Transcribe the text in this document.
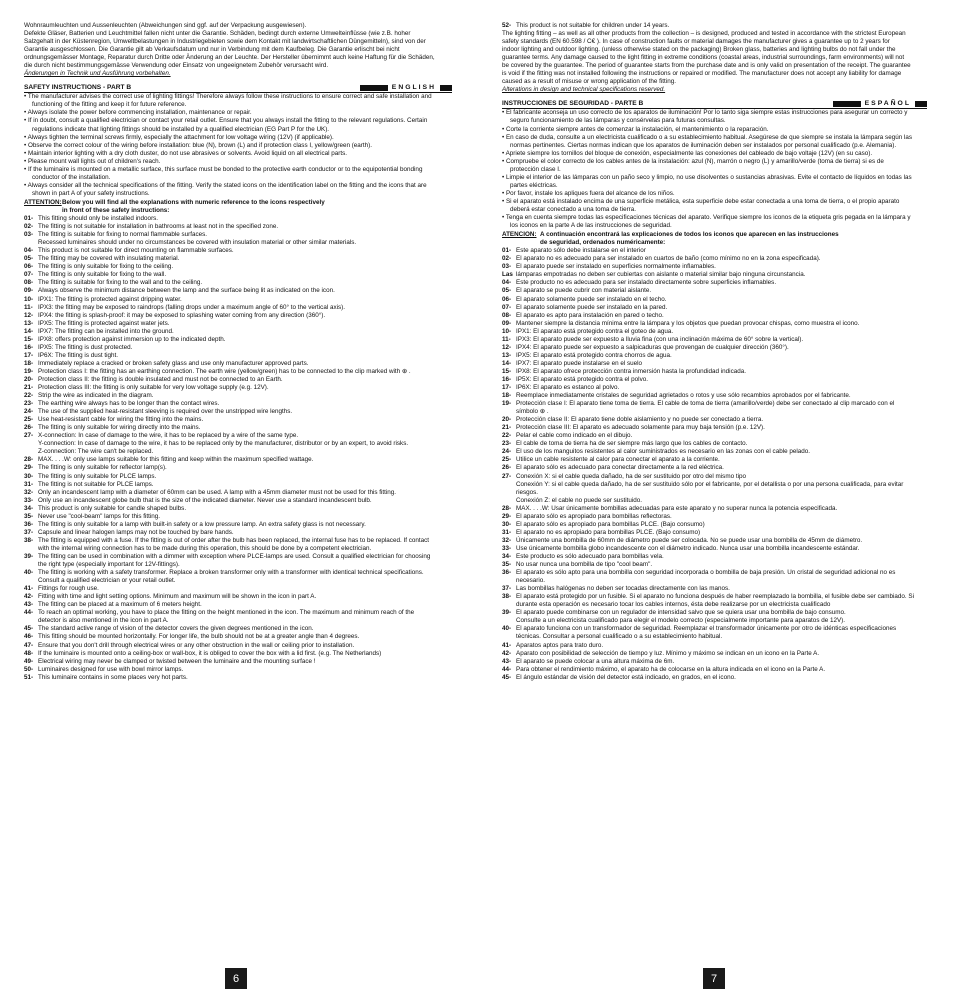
Wohnraumleuchten und Aussenleuchten (Abweichungen sind ggf. auf der Verpackung ausgewiesen).

Defekte Gläser, Batterien und Leuchtmittel fallen nicht unter die Garantie. Schäden, bedingt durch externe Umwelteinflüsse (wie z.B. hoher

Salzgehalt in der Küstenregion, Umweltbelastungen in Industriegebieten sowie dem Kontakt mit landwirtschaftlichen Düngemitteln), sind von der

Garantie ausgeschlossen. Die Garantie gilt ab Verkaufsdatum und nur in Verbindung mit dem Kaufbeleg. Die Garantie erlischt bei nicht

ordnungsgemässer Montage, Reparatur durch Dritte oder Änderung an der Leuchte. Der Hersteller übernimmt auch keine Haftung für die Schäden,

die durch nicht bestimmungsgemässe Verwendung oder Einsatz von ungeeignetem Zubehör verursacht wird.

Änderungen in Technik und Ausführung vorbehalten.

SAFETY INSTRUCTIONS - PART B	ENGLISH

• The manufacturer advises the correct use of lighting fittings! Therefore always follow these instructions to ensure correct and safe installation and

functioning of the fitting and keep it for future reference.

• Always isolate the power before commencing installation, maintenance or repair.

• If in doubt, consult a qualified electrician or contact your retail outlet. Ensure that you always install the fitting to the relevant regulations. Certain

regulations indicate that lighting fittings should be installed by a qualified electrician (EG Part P for the UK).

• Always tighten the terminal screws firmly, especially the attachment for low voltage wiring (12V) (if applicable).

• Observe the correct colour of the wiring before installation: blue (N), brown (L) and if protection class I, yellow/green (earth).

• Maintain interior lighting with a dry cloth duster, do not use abrasives or solvents. Avoid liquid on all electrical parts.

• Please mount wall lights out of children's reach.

• If the luminaire is mounted on a metallic surface, this surface must be bonded to the protective earth conductor or to the equipotential bonding

conductor of the installation.

• Always consider all the technical specifications of the fitting. Verify the stated icons on the identification label on the fitting and the icons that are

shown in part A of your safety instructions.

ATTENTION: Below you will find all the explanations with numeric reference to the icons respectively
in front of these safety instructions:
01- This fitting should only be installed indoors.
02- The fitting is not suitable for installation in bathrooms at least not in the specified zone.
03- The fitting is suitable for fixing to normal flammable surfaces.
Recessed luminaires should under no circumstances be covered with insulation material or other similar materials.
04- This product is not suitable for direct mounting on flammable surfaces.
05- The fitting may be covered with insulating material.
06- The fitting is only suitable for fixing to the ceiling.
07- The fitting is only suitable for fixing to the wall.
08- The fitting is suitable for fixing to the wall and to the ceiling.
09- Always observe the minimum distance between the lamp and the surface being lit as indicated on the icon.
10- IPX1: The fitting is protected against dripping water.
11- IPX3: the fitting may be exposed to raindrops (falling drops under a maximum angle of 60° to the vertical axis).
12- IPX4: the fitting is splash-proof: it may be exposed to splashing water coming from any direction (360°).
13- IPX5: The fitting is protected against water jets.
14- IPX7: The fitting can be installed into the ground.
15- IPX8: offers protection against immersion up to the indicated depth.
16- IPX5: The fitting is dust protected.
17- IP6X: The fitting is dust tight.
18- Immediately replace a cracked or broken safety glass and use only manufacturer approved parts.
19- Protection class I: the fitting has an earthing connection. The earth wire (yellow/green) has to be connected to the clip marked with ⊕ .
20- Protection class II: the fitting is double insulated and must not be connected to an Earth.
21- Protection class III: the fitting is only suitable for very low voltage supply (e.g. 12V).
22- Strip the wire as indicated in the diagram.
23- The earthing wire always has to be longer than the contact wires.
24- The use of the supplied heat-resistant sleeving is required over the unstripped wire lengths.
25- Use heat-resistant cable for wiring the fitting into the mains.
26- The fitting is only suitable for wiring directly into the mains.
27- X-connection: In case of damage to the wire, it has to be replaced by a wire of the same type.
Y-connection: In case of damage to the wire, it has to be replaced only by the manufacturer, distributor or by an expert, to avoid risks.
Z-connection: The wire can't be replaced.
28- MAX. . . .W: only use lamps suitable for this fitting and keep within the maximum specified wattage.
29- The fitting is only suitable for reflector lamp(s).
30- The fitting is only suitable for PLCE lamps.
31- The fitting is not suitable for PLCE lamps.
32- Only an incandescent lamp with a diameter of 60mm can be used. A lamp with a 45mm diameter must not be used for this fitting.
33- Only use an incandescent globe bulb that is the size of the indicated diameter. Never use a standard incandescent bulb.
34- This product is only suitable for candle shaped bulbs.
35- Never use "cool-beam" lamps for this fitting.
36- The fitting is only suitable for a lamp with built-in safety or a low pressure lamp. An extra safety glass is not necessary.
37- Capsule and linear halogen lamps may not be touched by bare hands.
38- The fitting is equipped with a fuse. If the fitting is out of order after the bulb has been replaced, the internal fuse has to be replaced. If contact
with the internal wiring connection has to be made during this operation, this should be done by a competent electrician.
39- The fitting can be used in combination with a dimmer with exception where PLCE-lamps are used. Consult a qualified electrician for choosing
the right type (especially important for 12V-fittings).
40- The fitting is working with a safety transformer. Replace a broken transformer only with a transformer with identical technical specifications.
Consult a qualified electrician or your retail outlet.
41- Fittings for rough use.
42- Fitting with time and light setting options. Minimum and maximum will be shown in the icon in part A.
43- The fitting can be placed at a maximum of 6 meters height.
44- To reach an optimal working, you have to place the fitting on the height mentioned in the icon. The maximum and minimum reach of the
detector is also mentioned in the icon in part A.
45- The standard active range of vision of the detector covers the given degrees mentioned in the icon.
46- This fitting should be mounted horizontally. For longer life, the bulb should not be at a greater angle than 4 degrees.
47- Ensure that you don't drill through electrical wires or any other obstruction in the wall or ceiling prior to installation.
48- If the luminaire is mounted onto a ceiling-box or wall-box, it is obliged to cover the box with a lid first. (e.g. The Netherlands)
49- Electrical wiring may never be clamped or twisted between the luminaire and the mounting surface !
50- Luminaires designed for use with bowl mirror lamps.
51- This luminaire contains in some places very hot parts.
52- This product is not suitable for children under 14 years.

The lighting fitting – as well as all other products from the collection – is designed, produced and tested in accordance with the strictest European

safety standards (EN 60.598 / C€ ). In case of construction faults or material damages the manufacturer gives a guarantee up to 2 years for

indoor lighting and outdoor lighting. (unless otherwise stated on the packaging) Broken glass, batteries and lighting bulbs do not fall under the

guarantee terms. Any damage caused to the light fitting in extreme conditions (coastal areas, industrial surroundings, farm environments) will not

be covered by the guarantee. The period of guarantee starts from the purchase date and is only valid on presentation of the receipt. The guarantee

is void if the fitting was not installed following the instructions or repaired or modified. The manufacturer does not accept any liability for damage

caused as a result of misuse or wrong application of the fitting.

Alterations in design and technical specifications reserved.

INSTRUCCIONES DE SEGURIDAD - PARTE B	ESPAÑOL

• El fabricante aconseja un uso correcto de los aparatos de iluminación! Por lo tanto siga siempre estas instrucciones para asegurar un correcto y

seguro funcionamiento de las lámparas y consérvelas para futuras consultas.

• Corte la corriente siempre antes de comenzar la instalación, el mantenimiento o la reparación.

• En caso de duda, consulte a un electricista cualificado o a su establecimiento habitual. Asegúrese de que siempre se instala la lámpara según las

normas pertinentes. Ciertas normas indican que los aparatos de iluminación deben ser instalados por personal cualificado (p.e. Alemania).

• Apriete siempre los tornillos del bloque de conexión, especialmente las conexiones del cableado de bajo voltaje (12V) (en su caso).

• Compruebe el color correcto de los cables antes de la instalación: azul (N), marrón o negro (L) y amarillo/verde (toma de tierra) si es de

protección clase I.

• Limpie el interior de las lámparas con un paño seco y limpio, no use disolventes o sustancias abrasivas. Evite el contacto de líquidos en todas las

partes eléctricas.

• Por favor, instale los apliques fuera del alcance de los niños.

• Si el aparato está instalado encima de una superficie metálica, esta superficie debe estar conectada a una toma de tierra, o el propio aparato

deberá estar conectado a una toma de tierra.

• Tenga en cuenta siempre todas las especificaciones técnicas del aparato. Verifique siempre los iconos de la etiqueta gris pegada en la lámpara y

los iconos en la parte A de las instrucciones de seguridad.

ATENCION: A continuación encontrará las explicaciones de todos los iconos que aparecen en las instrucciones
de seguridad, ordenados numéricamente:
01- Este aparato sólo debe instalarse en el interior
02- El aparato no es adecuado para ser instalado en cuartos de baño (como mínimo no en la zona especificada).
03- El aparato puede ser instalado en superficies normalmente inflamables.
Las lámparas empotradas no deben ser cubiertas con aislante o material similar bajo ninguna circunstancia.
04- Este producto no es adecuado para ser instalado directamente sobre superficies inflamables.
05- El aparato se puede cubrir con material aislante.
06- El aparato solamente puede ser instalado en el techo.
07- El aparato solamente puede ser instalado en la pared.
08- El aparato es apto para instalación en pared o techo.
09- Mantener siempre la distancia mínima entre la lámpara y los objetos que puedan provocar chispas, como muestra el icono.
10- IPX1: El aparato está protegido contra el goteo de agua.
11- IPX3: El aparato puede ser expuesto a lluvia fina (con una inclinación máxima de 60° sobre la vertical).
12- IPX4: El aparato puede ser expuesto a salpicaduras que provengan de cualquier dirección (360°).
13- IPX5: El aparato está protegido contra chorros de agua.
14- IPX7: El aparato puede instalarse en el suelo
15- IPX8: El aparato ofrece protección contra inmersión hasta la profundidad indicada.
16- IP5X: El aparato está protegido contra el polvo.
17- IP6X: El aparato es estanco al polvo.
18- Reemplace inmediatamente cristales de seguridad agrietados o rotos y use sólo recambios aprobados por el fabricante.
19- Protección clase I: El aparato tiene toma de tierra. El cable de toma de tierra (amarillo/verde) debe ser conectado al clip marcado con el
símbolo ⊕ .
20- Protección clase II: El aparato tiene doble aislamiento y no puede ser conectado a tierra.
21- Protección clase III: El aparato es adecuado solamente para muy baja tensión (p.e. 12V).
22- Pelar el cable como indicado en el dibujo.
23- El cable de toma de tierra ha de ser siempre más largo que los cables de contacto.
24- El uso de los manguitos resistentes al calor suministrados es necesario en las zonas con el cable pelado.
25- Utilice un cable resistente al calor para conectar el aparato a la corriente.
26- El aparato sólo es adecuado para conectar directamente a la red eléctrica.
27- Conexión X: si el cable queda dañado, ha de ser sustituido por otro del mismo tipo
Conexión Y: si el cable queda dañado, ha de ser sustituido sólo por el fabricante, por el detallista o por una persona cualificada, para evitar
riesgos.
Conexión Z: el cable no puede ser sustituido.
28- MAX. . . .W: Usar únicamente bombillas adecuadas para este aparato y no superar nunca la potencia especificada.
29- El aparato sólo es apropiado para bombillas reflectoras.
30- El aparato sólo es apropiado para bombillas PLCE. (Bajo consumo)
31- El aparato no es apropiado para bombillas PLCE. (Bajo consumo)
32- Únicamente una bombilla de 60mm de diámetro puede ser colocada. No se puede usar una bombilla de 45mm de diámetro.
33- Use únicamente bombilla globo incandescente con el diámetro indicado. Nunca usar una bombilla incandescente estándar.
34- Este producto es sólo adecuado para bombillas vela.
35- No usar nunca una bombilla de tipo "cool beam".
36- El aparato es sólo apto para una bombilla con seguridad incorporada o bombilla de baja presión. Un cristal de seguridad adicional no es
necesario.
37- Las bombillas halógenas no deben ser tocadas directamente con las manos.
38- El aparato está protegido por un fusible. Si el aparato no funciona después de haber reemplazado la bombilla, el fusible debe ser cambiado. Si
durante esta operación es necesario tocar los cables internos, ésta debe realizarse por un electricista cualificado
39- El aparato puede combinarse con un regulador de intensidad salvo que se quiera usar una bombilla de bajo consumo.
Consulte a un electricista cualificado para elegir el modelo correcto (especialmente importante para aparatos de 12V).
40- El aparato funciona con un transformador de seguridad. Reemplazar el transformador únicamente por otro de idénticas especificaciones
técnicas. Consultar a personal cualificado o a su establecimiento habitual.
41- Aparatos aptos para trato duro.
42- Aparato con posibilidad de selección de tiempo y luz. Mínimo y máximo se indican en un icono en la Parte A.
43- El aparato se puede colocar a una altura máxima de 6m.
44- Para obtener el rendimiento máximo, el aparato ha de colocarse en la altura indicada en el icono en la Parte A.
45- El ángulo estándar de visión del detector está indicado, en grados, en el icono.
6	7
